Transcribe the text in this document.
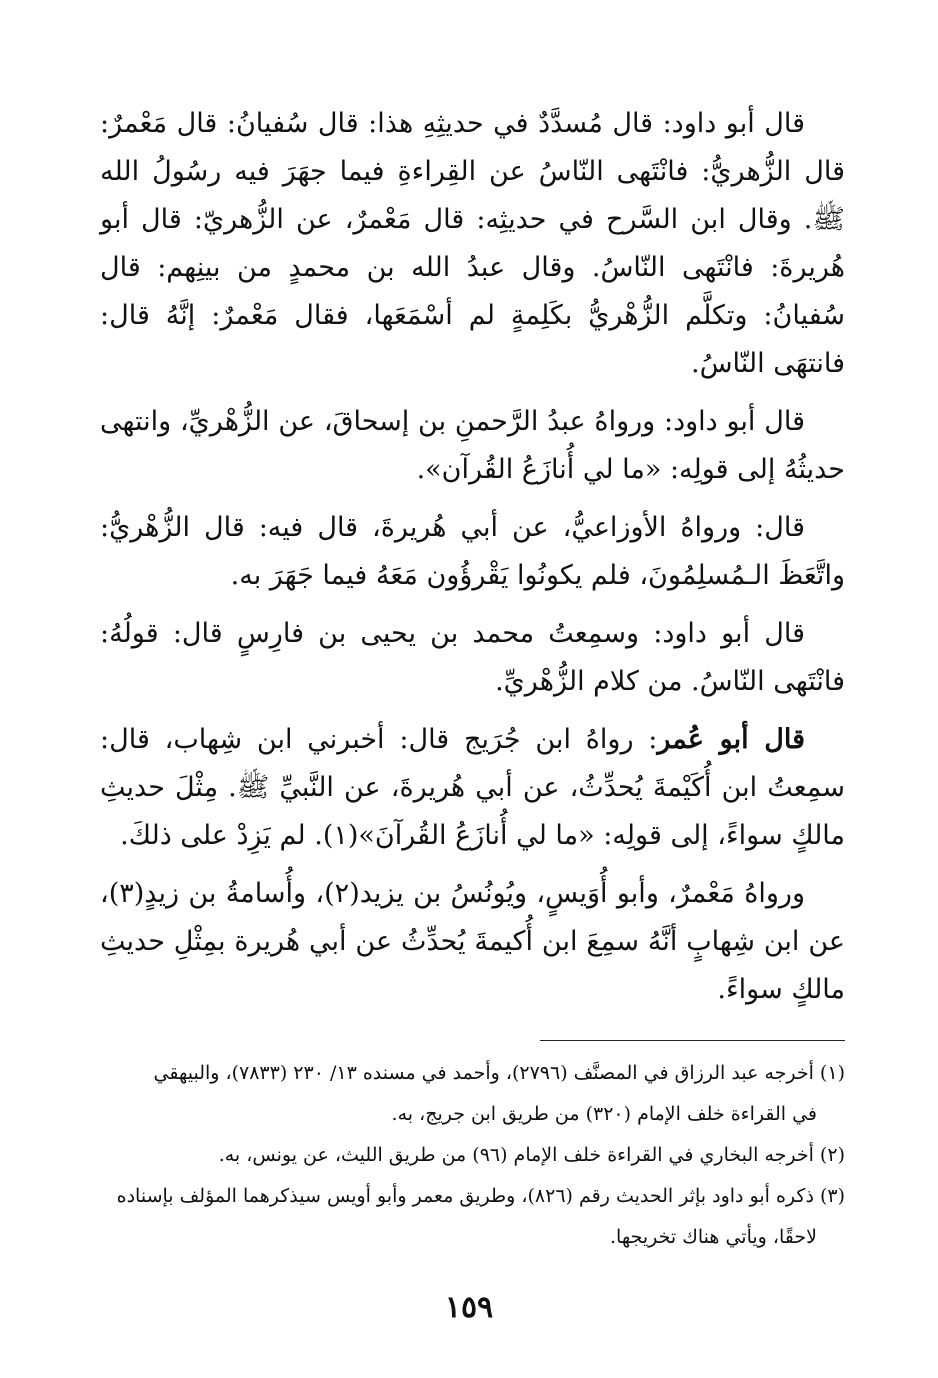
قال أبو داود: قال مُسدَّدٌ في حديثِهِ هذا: قال سُفيانُ: قال مَعْمرٌ: قال الزُّهريُّ: فانْتَهى النّاسُ عن القِراءةِ فيما جهَرَ فيه رسُولُ الله ﷺ. وقال ابن السَّرح في حديثِه: قال مَعْمرٌ، عن الزُّهريّ: قال أبو هُريرةَ: فانْتَهى النّاسُ. وقال عبدُ الله بن محمدٍ من بينِهم: قال سُفيانُ: وتكلَّم الزُّهْريُّ بكَلِمةٍ لم أسْمَعَها، فقال مَعْمرٌ: إنَّهُ قال: فانتهَى النّاسُ.

قال أبو داود: ورواهُ عبدُ الرَّحمنِ بن إسحاقَ، عن الزُّهْريِّ، وانتهى حديثُهُ إلى قولِه: «ما لي أُنازَعُ القُرآن».

قال: ورواهُ الأوزاعيُّ، عن أبي هُريرةَ، قال فيه: قال الزُّهْريُّ: واتَّعَظَ الـمُسلِمُونَ، فلم يكونُوا يَقْرؤُون مَعَهُ فيما جَهَرَ به.

قال أبو داود: وسمِعتُ محمد بن يحيى بن فارِسٍ قال: قولُهُ: فانْتَهى النّاسُ. من كلام الزُّهْريِّ.

قال أبو عُمر: رواهُ ابن جُرَيج قال: أخبرني ابن شِهاب، قال: سمِعتُ ابن أُكَيْمةَ يُحدِّثُ، عن أبي هُريرةَ، عن النَّبيِّ ﷺ. مِثْلَ حديثِ مالكٍ سواءً، إلى قولِه: «ما لي أُنازَعُ القُرآنَ»(١). لم يَزِدْ على ذلكَ.

ورواهُ مَعْمرٌ، وأبو أُوَيسٍ، ويُونُسُ بن يزيد(٢)، وأُسامةُ بن زيدٍ(٣)، عن ابن شِهابٍ أنَّهُ سمِعَ ابن أُكيمةَ يُحدِّثُ عن أبي هُريرة بمِثْلِ حديثِ مالكٍ سواءً.

(١) أخرجه عبد الرزاق في المصنَّف (٢٧٩٦)، وأحمد في مسنده ١٣/ ٢٣٠ (٧٨٣٣)، والبيهقي

في القراءة خلف الإمام (٣٢٠) من طريق ابن جريج، به.

(٢) أخرجه البخاري في القراءة خلف الإمام (٩٦) من طريق الليث، عن يونس، به.

(٣) ذكره أبو داود بإثر الحديث رقم (٨٢٦)، وطريق معمر وأبو أويس سيذكرهما المؤلف بإسناده

لاحقًا، ويأتي هناك تخريجها.

١٥٩
